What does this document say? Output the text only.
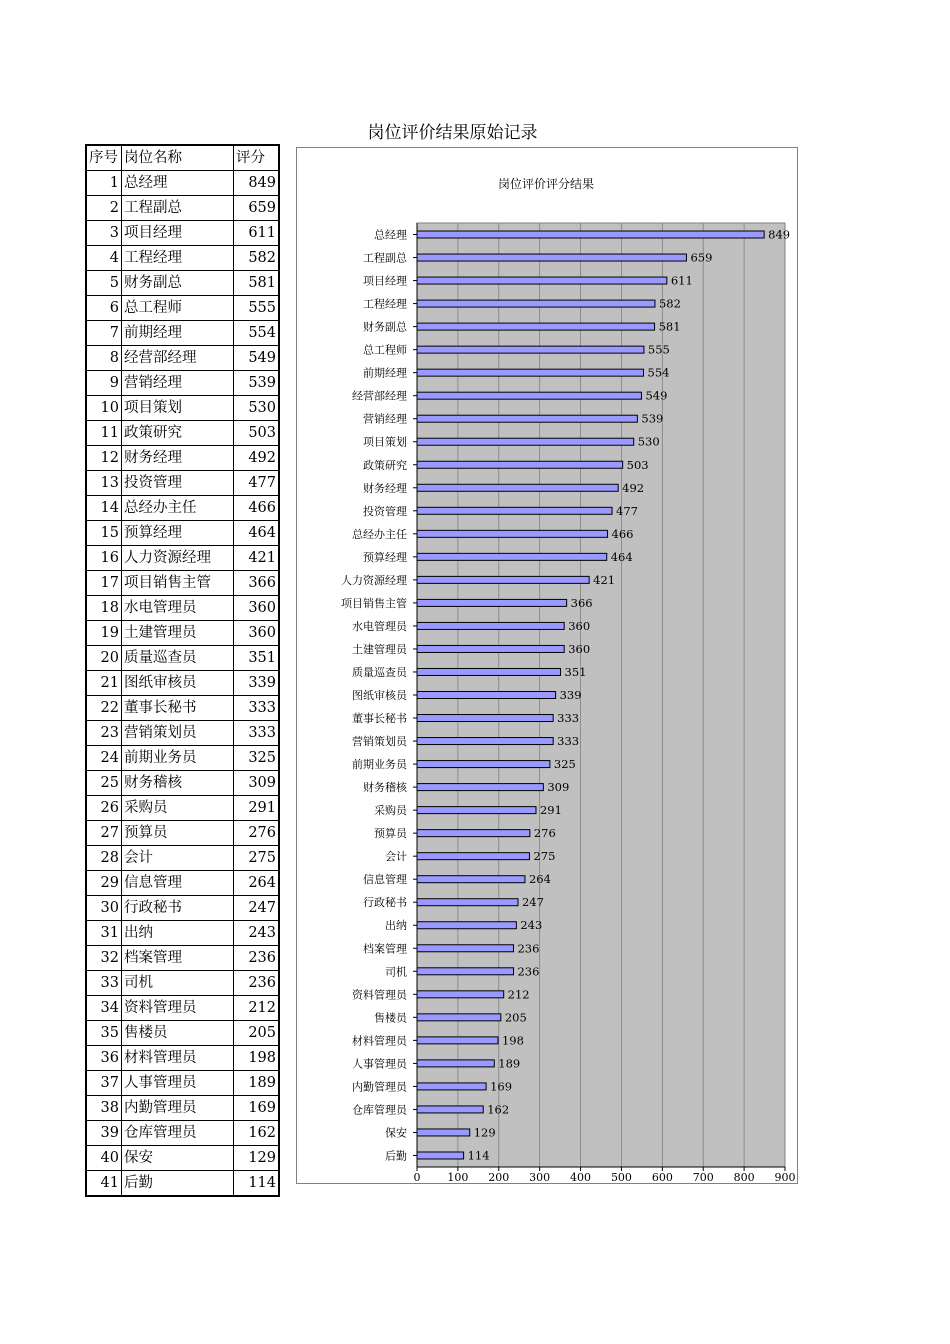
岗位评价结果原始记录
序号	岗位名称	评分
1	总经理	849
2	工程副总	659
3	项目经理	611
4	工程经理	582
5	财务副总	581
6	总工程师	555
7	前期经理	554
8	经营部经理	549
9	营销经理	539
10	项目策划	530
11	政策研究	503
12	财务经理	492
13	投资管理	477
14	总经办主任	466
15	预算经理	464
16	人力资源经理	421
17	项目销售主管	366
18	水电管理员	360
19	土建管理员	360
20	质量巡查员	351
21	图纸审核员	339
22	董事长秘书	333
23	营销策划员	333
24	前期业务员	325
25	财务稽核	309
26	采购员	291
27	预算员	276
28	会计	275
29	信息管理	264
30	行政秘书	247
31	出纳	243
32	档案管理	236
33	司机	236
34	资料管理员	212
35	售楼员	205
36	材料管理员	198
37	人事管理员	189
38	内勤管理员	169
39	仓库管理员	162
40	保安	129
41	后勤	114	0 100 200 300 400 500 600 700 800 900
岗位评价评分结果
总经理	849
工程副总	659
项目经理	611
工程经理	582
财务副总	581
总工程师	555
前期经理	554
经营部经理	549
营销经理	539
项目策划	530
政策研究	503
财务经理	492
投资管理	477
总经办主任	466
预算经理	464
人力资源经理	421
项目销售主管	366
水电管理员	360
土建管理员	360
质量巡查员	351
图纸审核员	339
董事长秘书	333
营销策划员	333
前期业务员	325
财务稽核	309
采购员	291
预算员	276
会计	275
信息管理	264
行政秘书	247
出纳	243
档案管理	236
司机	236
资料管理员	212
售楼员	205
材料管理员	198
人事管理员	189
内勤管理员	169
仓库管理员	162
保安	129
后勤	114
